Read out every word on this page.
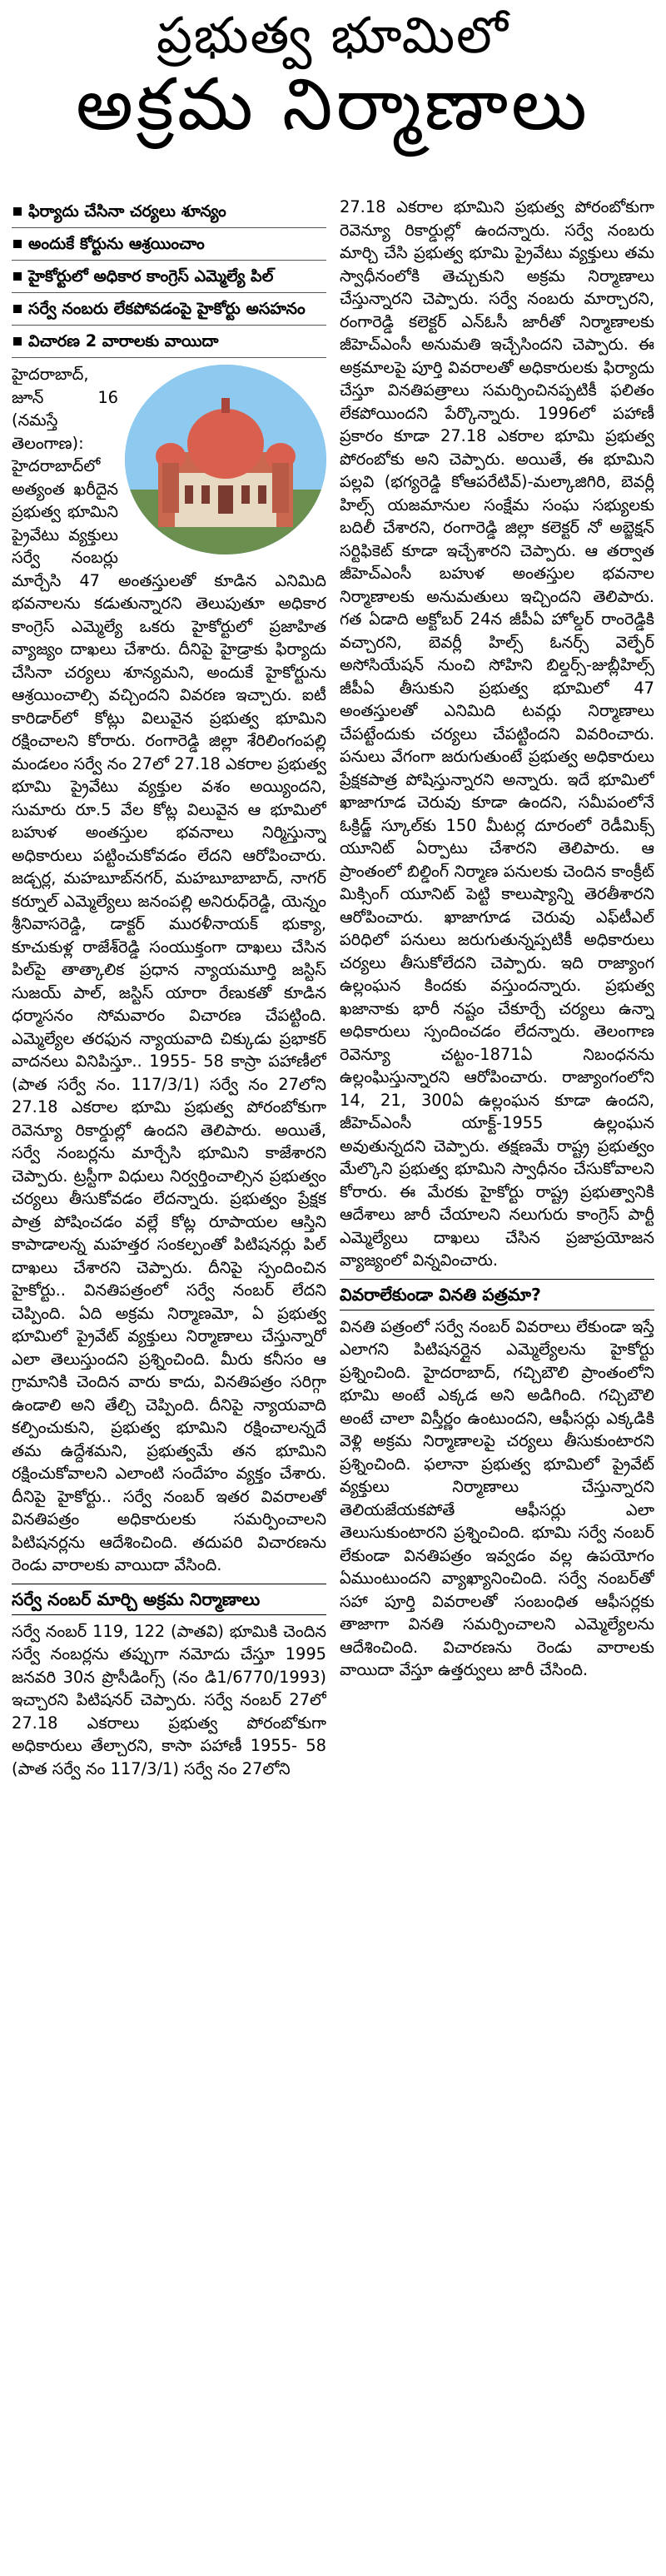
ప్రభుత్వ భూమిలో
అక్రమ నిర్మాణాలు
ఫిర్యాదు చేసినా చర్యలు శూన్యం
అందుకే కోర్టును ఆశ్రయించాం
హైకోర్టులో అధికార కాంగ్రెస్‌ ఎమ్మెల్యే పిల్‌
సర్వే నంబరు లేకపోవడంపై హైకోర్టు అసహనం
విచారణ 2 వారాలకు వాయిదా

హైదరాబాద్, జూన్ 16 (నమస్తే తెలంగాణ): హైదరాబాద్‌లో అత్యంత ఖరీదైన ప్రభుత్వ భూమిని ప్రైవేటు వ్యక్తులు సర్వే నంబర్లు మార్చేసి 47 అంతస్తులతో కూడిన ఎనిమిది భవనాలను కడుతున్నారని తెలుపుతూ అధికార కాంగ్రెస్‌ ఎమ్మెల్యే ఒకరు హైకోర్టులో ప్రజాహిత వ్యాజ్యం దాఖలు చేశారు. దీనిపై హైడ్రాకు ఫిర్యాదు చేసినా చర్యలు శూన్యమని, అందుకే హైకోర్టును ఆశ్రయించాల్సి వచ్చిందని వివరణ ఇచ్చారు. ఐటీ కారిడార్‌లో కోట్లు విలువైన ప్రభుత్వ భూమిని రక్షించాలని కోరారు. రంగారెడ్డి జిల్లా శేరిలింగంపల్లి మండలం సర్వే నం 27లో 27.18 ఎకరాల ప్రభుత్వ భూమి ప్రైవేటు వ్యక్తుల వశం అయ్యిందని, సుమారు రూ.5 వేల కోట్ల విలువైన ఆ భూమిలో బహుళ అంతస్తుల భవనాలు నిర్మిస్తున్నా అధికారులు పట్టించుకోవడం లేదని ఆరోపించారు. జడ్చర్ల, మహబూబ్‌నగర్‌, మహబూబాబాద్‌, నాగర్‌ కర్నూల్‌ ఎమ్మెల్యేలు జనంపల్లి అనిరుధ్‌రెడ్డి, యెన్నం శ్రీనివాసరెడ్డి, డాక్టర్‌ మురళీనాయక్‌ భుక్యా, కూచుకుళ్ల రాజేశ్‌రెడ్డి సంయుక్తంగా దాఖలు చేసిన పిల్‌పై తాత్కాలిక ప్రధాన న్యాయమూర్తి జస్టిస్‌ సుజయ్‌ పాల్‌, జస్టిస్‌ యారా రేణుకతో కూడిన ధర్మాసనం సోమవారం విచారణ చేపట్టింది. ఎమ్మెల్యేల తరఫున న్యాయవాది చిక్కుడు ప్రభాకర్‌ వాదనలు వినిపిస్తూ.. 1955- 58 కాస్రా పహాణీలో (పాత సర్వే నం. 117/3/1) సర్వే నం 27లోని 27.18 ఎకరాల భూమి ప్రభుత్వ పోరంబోకుగా రెవెన్యూ రికార్డుల్లో ఉందని తెలిపారు. అయితే, సర్వే నంబర్లను మార్చేసి భూమిని కాజేశారని చెప్పారు. ట్రస్టీగా విధులు నిర్వర్తించాల్సిన ప్రభుత్వం చర్యలు తీసుకోవడం లేదన్నారు. ప్రభుత్వం ప్రేక్షక పాత్ర పోషించడం వల్లే కోట్ల రూపాయల ఆస్తిని కాపాడాలన్న మహత్తర సంకల్పంతో పిటిషనర్లు పిల్‌ దాఖలు చేశారని చెప్పారు. దీనిపై స్పందించిన హైకోర్టు.. వినతిపత్రంలో సర్వే నంబర్‌ లేదని చెప్పింది. ఏది అక్రమ నిర్మాణమో, ఏ ప్రభుత్వ భూమిలో ప్రైవేట్‌ వ్యక్తులు నిర్మాణాలు చేస్తున్నారో ఎలా తెలుస్తుందని ప్రశ్నించింది. మీరు కనీసం ఆ గ్రామానికి చెందిన వారు కాదు, వినతిపత్రం సరిగ్గా ఉండాలి అని తేల్చి చెప్పింది. దీనిపై న్యాయవాది కల్పించుకుని, ప్రభుత్వ భూమిని రక్షించాలన్నదే తమ ఉద్దేశమని, ప్రభుత్వమే తన భూమిని రక్షించుకోవాలని ఎలాంటి సందేహం వ్యక్తం చేశారు. దీనిపై హైకోర్టు.. సర్వే నంబర్‌ ఇతర వివరాలతో వినతిపత్రం అధికారులకు సమర్పించాలని పిటిషనర్లను ఆదేశించింది. తదుపరి విచారణను రెండు వారాలకు వాయిదా వేసింది.

సర్వే నంబర్‌ మార్చి అక్రమ నిర్మాణాలు

సర్వే నంబర్‌ 119, 122 (పాతవి) భూమికి చెందిన సర్వే నంబర్లను తప్పుగా నమోదు చేస్తూ 1995 జనవరి 30న ప్రొసీడింగ్స్‌ (నం డి1/6770/1993) ఇచ్చారని పిటిషనర్‌ చెప్పారు. సర్వే నంబర్‌ 27లో 27.18 ఎకరాలు ప్రభుత్వ పోరంబోకుగా అధికారులు తేల్చారని, కాసా పహాణీ 1955- 58 (పాత సర్వే నం 117/3/1) సర్వే నం 27లోని

27.18 ఎకరాల భూమిని ప్రభుత్వ పోరంబోకుగా రెవెన్యూ రికార్డుల్లో ఉందన్నారు. సర్వే నంబరు మార్చి చేసి ప్రభుత్వ భూమి ప్రైవేటు వ్యక్తులు తమ స్వాధీనంలోకి తెచ్చుకుని అక్రమ నిర్మాణాలు చేస్తున్నారని చెప్పారు. సర్వే నంబరు మార్చారని, రంగారెడ్డి కలెక్టర్‌ ఎన్‌ఓసీ జారీతో నిర్మాణాలకు జీహెచ్‌ఎంసీ అనుమతి ఇచ్చేసిందని చెప్పారు. ఈ అక్రమాలపై పూర్తి వివరాలతో అధికారులకు ఫిర్యాదు చేస్తూ వినతిపత్రాలు సమర్పించినప్పటికీ ఫలితం లేకపోయిందని పేర్కొన్నారు. 1996లో పహాణీ ప్రకారం కూడా 27.18 ఎకరాల భూమి ప్రభుత్వ పోరంబోకు అని చెప్పారు. అయితే, ఈ భూమిని పల్లవి (భగ్యరెడ్డి కోఆపరేటివ్‌)-మల్కాజిగిరి, బెవర్లీ హిల్స్‌ యజమానుల సంక్షేమ సంఘ సభ్యులకు బదిలీ చేశారని, రంగారెడ్డి జిల్లా కలెక్టర్‌ నో అబ్జెక్షన్‌ సర్టిఫికెట్‌ కూడా ఇచ్చేశారని చెప్పారు. ఆ తర్వాత జీహెచ్‌ఎంసీ బహుళ అంతస్తుల భవనాల నిర్మాణాలకు అనుమతులు ఇచ్చిందని తెలిపారు. గత ఏడాది అక్టోబర్‌ 24న జీపీఏ హోల్డర్‌ రాంరెడ్డికి వచ్చారని, బెవర్లీ హిల్స్‌ ఓనర్స్‌ వెల్ఫేర్‌ అసోసియేషన్‌ నుంచి సోహిని బిల్డర్స్‌-జుబ్లీహిల్స్‌ జీపీఏ తీసుకుని ప్రభుత్వ భూమిలో 47 అంతస్తులతో ఎనిమిది టవర్లు నిర్మాణాలు చేపట్టేందుకు చర్యలు చేపట్టిందని వివరించారు. పనులు వేగంగా జరుగుతుంటే ప్రభుత్వ అధికారులు ప్రేక్షకపాత్ర పోషిస్తున్నారని అన్నారు. ఇదే భూమిలో ఖాజాగూడ చెరువు కూడా ఉందని, సమీపంలోనే ఓక్రిడ్జ్‌ స్కూల్‌కు 150 మీటర్ల దూరంలో రెడీమిక్స్‌ యూనిట్‌ ఏర్పాటు చేశారని తెలిపారు. ఆ ప్రాంతంలో బిల్డింగ్‌ నిర్మాణ పనులకు చెందిన కాంక్రీట్‌ మిక్సింగ్‌ యూనిట్‌ పెట్టి కాలుష్యాన్ని తెరతీశారని ఆరోపించారు. ఖాజాగూడ చెరువు ఎఫ్‌టీఎల్‌ పరిధిలో పనులు జరుగుతున్నప్పటికీ అధికారులు చర్యలు తీసుకోలేదని చెప్పారు. ఇది రాజ్యాంగ ఉల్లంఘన కిందకు వస్తుందన్నారు. ప్రభుత్వ ఖజానాకు భారీ నష్టం చేకూర్చే చర్యలు ఉన్నా అధికారులు స్పందించడం లేదన్నారు. తెలంగాణ రెవెన్యూ చట్టం-1871ఏ నిబంధనను ఉల్లంఘిస్తున్నారని ఆరోపించారు. రాజ్యాంగంలోని 14, 21, 300ఏ ఉల్లంఘన కూడా ఉందని, జీహెచ్‌ఎంసీ యాక్ట్‌-1955 ఉల్లంఘన అవుతున్నదని చెప్పారు. తక్షణమే రాష్ట్ర ప్రభుత్వం మేల్కొని ప్రభుత్వ భూమిని స్వాధీనం చేసుకోవాలని కోరారు. ఈ మేరకు హైకోర్టు రాష్ట్ర ప్రభుత్వానికి ఆదేశాలు జారీ చేయాలని నలుగురు కాంగ్రెస్‌ పార్టీ ఎమ్మెల్యేలు దాఖలు చేసిన ప్రజాప్రయోజన వ్యాజ్యంలో విన్నవించారు.

వివరాలేకుండా వినతి పత్రమా?

వినతి పత్రంలో సర్వే నంబర్‌ వివరాలు లేకుండా ఇస్తే ఎలాగని పిటిషనర్లైన ఎమ్మెల్యేలను హైకోర్టు ప్రశ్నించింది. హైదరాబాద్‌, గచ్చిబౌలి ప్రాంతంలోని భూమి అంటే ఎక్కడ అని అడిగింది. గచ్చిబౌలి అంటే చాలా విస్తీర్ణం ఉంటుందని, ఆఫీసర్లు ఎక్కడికి వెళ్లి అక్రమ నిర్మాణాలపై చర్యలు తీసుకుంటారని ప్రశ్నించింది. ఫలానా ప్రభుత్వ భూమిలో ప్రైవేట్‌ వ్యక్తులు నిర్మాణాలు చేస్తున్నారని తెలియజేయకపోతే ఆఫీసర్లు ఎలా తెలుసుకుంటారని ప్రశ్నించింది. భూమి సర్వే నంబర్‌ లేకుండా వినతిపత్రం ఇవ్వడం వల్ల ఉపయోగం ఏముంటుందని వ్యాఖ్యానించింది. సర్వే నంబర్‌తో సహా పూర్తి వివరాలతో సంబంధిత ఆఫీసర్లకు తాజాగా వినతి సమర్పించాలని ఎమ్మెల్యేలను ఆదేశించింది. విచారణను రెండు వారాలకు వాయిదా వేస్తూ ఉత్తర్వులు జారీ చేసింది.
